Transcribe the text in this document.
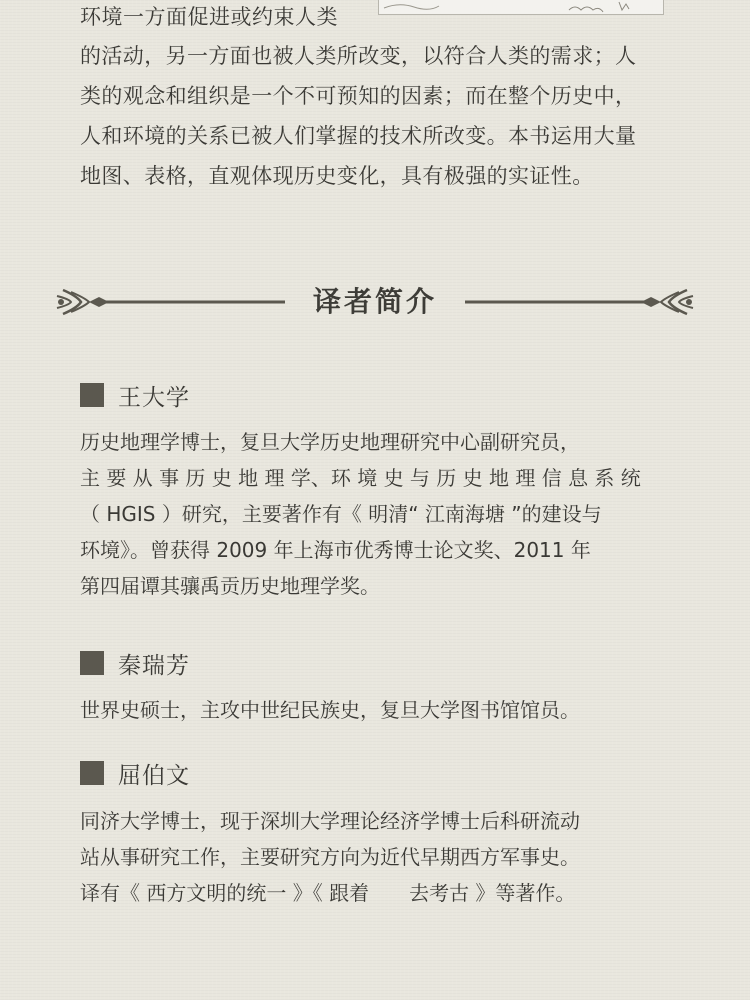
环境一方面促进或约束人类
的活动，另一方面也被人类所改变，以符合人类的需求；人
类的观念和组织是一个不可预知的因素；而在整个历史中，
人和环境的关系已被人们掌握的技术所改变。本书运用大量
地图、表格，直观体现历史变化，具有极强的实证性。
译者简介
王大学
历史地理学博士，复旦大学历史地理研究中心副研究员，
主 要 从 事 历 史 地 理 学、环 境 史 与 历 史 地 理 信 息 系 统
（ HGIS ）研究，主要著作有《 明清“ 江南海塘 ”的建设与
环境》。曾获得 2009 年上海市优秀博士论文奖、2011 年
第四届谭其骧禹贡历史地理学奖。
秦瑞芳
世界史硕士，主攻中世纪民族史，复旦大学图书馆馆员。
屈伯文
同济大学博士，现于深圳大学理论经济学博士后科研流动
站从事研究工作，主要研究方向为近代早期西方军事史。
译有《 西方文明的统一 》《 跟着　　去考古 》等著作。
